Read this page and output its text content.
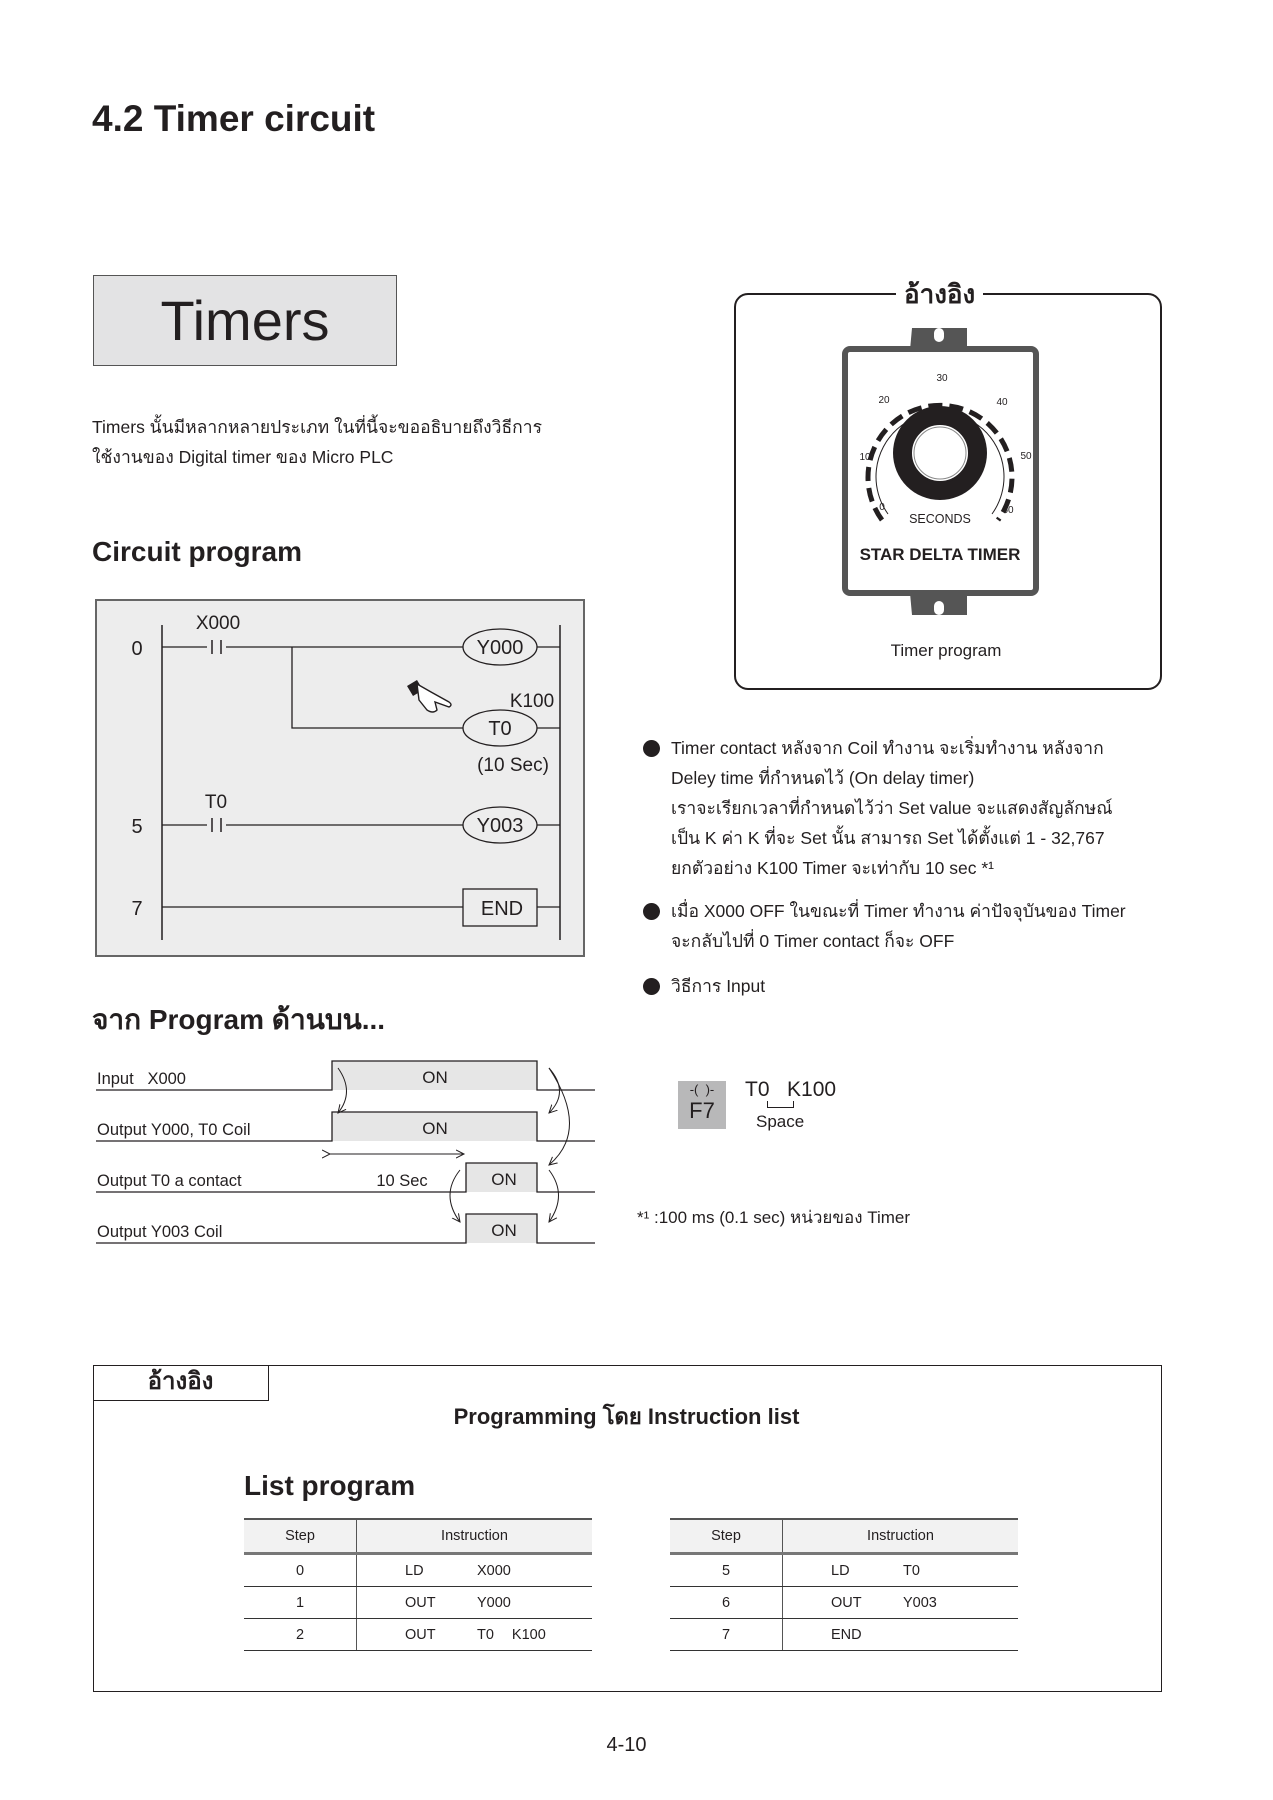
4.2 Timer circuit
Timers
Timers นั้นมีหลากหลายประเภท ในที่นี้จะขออธิบายถึงวิธีการ
ใช้งานของ Digital timer ของ Micro PLC
Circuit program
0
5
7
X000
Y000
T0
K100
(10 Sec)
T0
Y003
END
จาก Program ด้านบน...
Input   X000	ON
Output Y000, T0 Coil	ON
Output T0 a contact	ON
10 Sec
Output Y003 Coil	ON
อ้างอิง
0
10
20
30
40
50
60
SECONDS
STAR DELTA TIMER
Timer program
Timer contact หลังจาก Coil ทำงาน จะเริ่มทำงาน หลังจาก
Deley time ที่กำหนดไว้ (On delay timer)
เราจะเรียกเวลาที่กำหนดไว้ว่า Set value จะแสดงสัญลักษณ์
เป็น K ค่า K ที่จะ Set นั้น สามารถ Set ได้ตั้งแต่ 1 - 32,767
ยกตัวอย่าง K100 Timer จะเท่ากับ 10 sec *¹
เมื่อ X000 OFF ในขณะที่ Timer ทำงาน ค่าปัจจุบันของ Timer
จะกลับไปที่ 0 Timer contact ก็จะ OFF
วิธีการ Input
-(  )-
F7
T0   K100
Space
*¹ :100 ms (0.1 sec) หน่วยของ Timer
อ้างอิง
Programming โดย Instruction list
List program
Step	Instruction
0	LD X000
1	OUT Y000
2	OUT T0 K100
Step	Instruction
5	LD T0
6	OUT Y003
7	END
4-10
